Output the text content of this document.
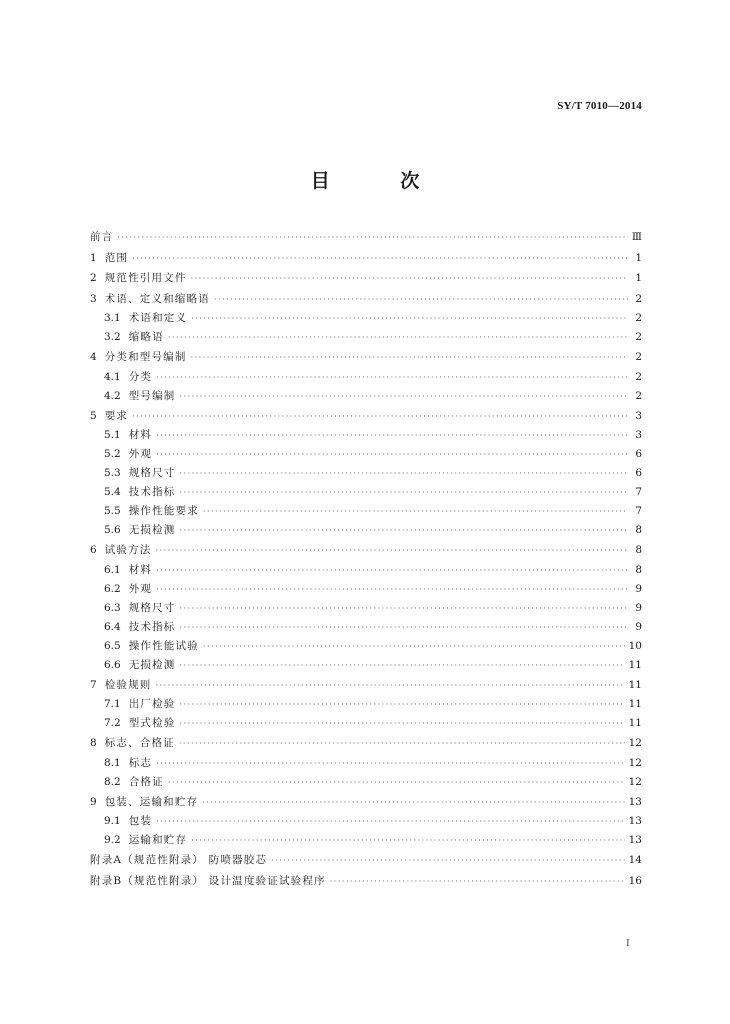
SY/T 7010—2014
目 次
前言 ·····	Ⅲ
1 范围 ·····	1
2 规范性引用文件 ·····	1
3 术语、定义和缩略语 ·····	2
3.1 术语和定义 ·····	2
3.2 缩略语 ·····	2
4 分类和型号编制 ·····	2
4.1 分类 ·····	2
4.2 型号编制 ·····	2
5 要求 ·····	3
5.1 材料 ·····	3
5.2 外观 ·····	6
5.3 规格尺寸 ·····	6
5.4 技术指标 ·····	7
5.5 操作性能要求 ·····	7
5.6 无损检测 ·····	8
6 试验方法 ·····	8
6.1 材料 ·····	8
6.2 外观 ·····	9
6.3 规格尺寸 ·····	9
6.4 技术指标 ·····	9
6.5 操作性能试验 ·····	10
6.6 无损检测 ·····	11
7 检验规则 ·····	11
7.1 出厂检验 ·····	11
7.2 型式检验 ·····	11
8 标志、合格证 ·····	12
8.1 标志 ·····	12
8.2 合格证 ·····	12
9 包装、运输和贮存 ·····	13
9.1 包装 ·····	13
9.2 运输和贮存 ·····	13
附录A（规范性附录） 防喷器胶芯 ·····	14
附录B（规范性附录） 设计温度验证试验程序 ·····	16
I
